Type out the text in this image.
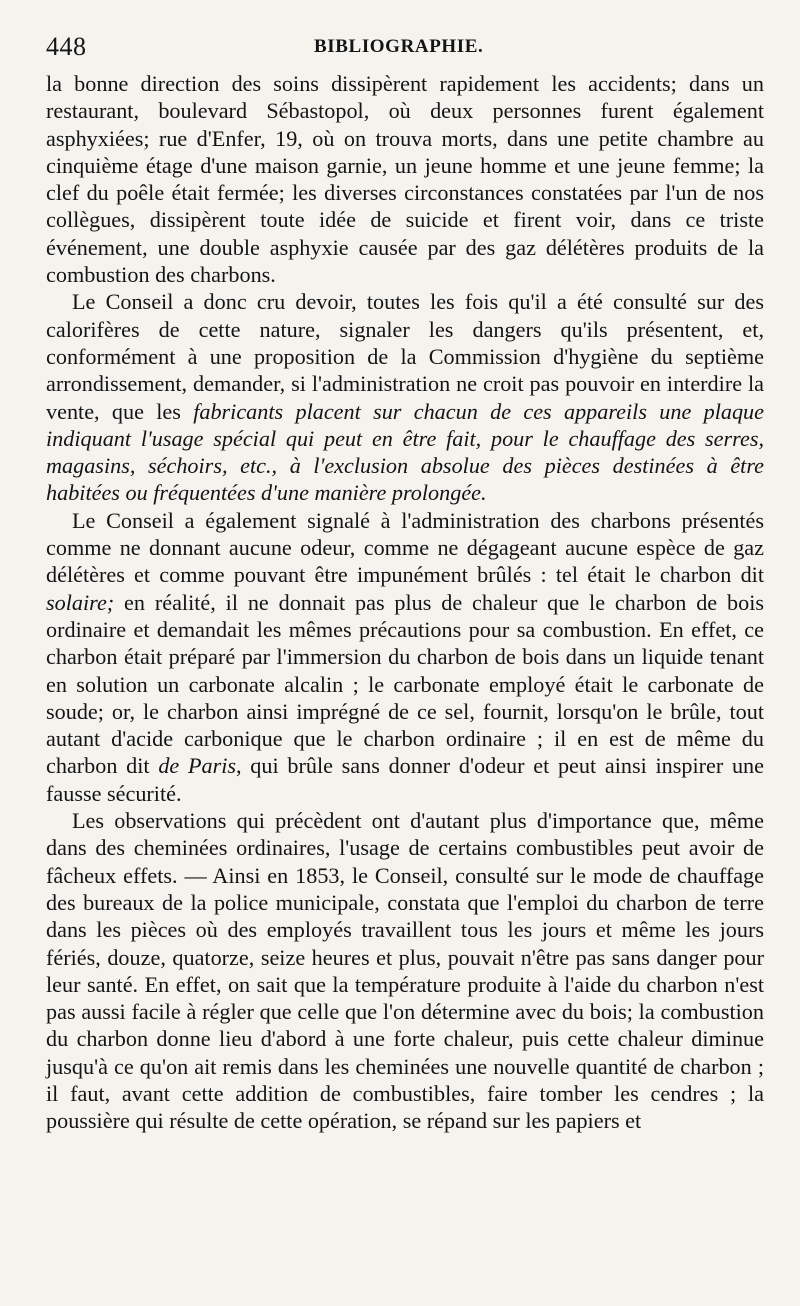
448	BIBLIOGRAPHIE.

la bonne direction des soins dissipèrent rapidement les accidents; dans un restaurant, boulevard Sébastopol, où deux personnes furent également asphyxiées; rue d'Enfer, 19, où on trouva morts, dans une petite chambre au cinquième étage d'une maison garnie, un jeune homme et une jeune femme; la clef du poêle était fermée; les diverses circonstances constatées par l'un de nos collègues, dissipèrent toute idée de suicide et firent voir, dans ce triste événement, une double asphyxie causée par des gaz délétères produits de la combustion des charbons.

Le Conseil a donc cru devoir, toutes les fois qu'il a été consulté sur des calorifères de cette nature, signaler les dangers qu'ils présentent, et, conformément à une proposition de la Commission d'hygiène du septième arrondissement, demander, si l'administration ne croit pas pouvoir en interdire la vente, que les fabricants placent sur chacun de ces appareils une plaque indiquant l'usage spécial qui peut en être fait, pour le chauffage des serres, magasins, séchoirs, etc., à l'exclusion absolue des pièces destinées à être habitées ou fréquentées d'une manière prolongée.

Le Conseil a également signalé à l'administration des charbons présentés comme ne donnant aucune odeur, comme ne dégageant aucune espèce de gaz délétères et comme pouvant être impunément brûlés : tel était le charbon dit solaire; en réalité, il ne donnait pas plus de chaleur que le charbon de bois ordinaire et demandait les mêmes précautions pour sa combustion. En effet, ce charbon était préparé par l'immersion du charbon de bois dans un liquide tenant en solution un carbonate alcalin ; le carbonate employé était le carbonate de soude; or, le charbon ainsi imprégné de ce sel, fournit, lorsqu'on le brûle, tout autant d'acide carbonique que le charbon ordinaire ; il en est de même du charbon dit de Paris, qui brûle sans donner d'odeur et peut ainsi inspirer une fausse sécurité.

Les observations qui précèdent ont d'autant plus d'importance que, même dans des cheminées ordinaires, l'usage de certains combustibles peut avoir de fâcheux effets. — Ainsi en 1853, le Conseil, consulté sur le mode de chauffage des bureaux de la police municipale, constata que l'emploi du charbon de terre dans les pièces où des employés travaillent tous les jours et même les jours fériés, douze, quatorze, seize heures et plus, pouvait n'être pas sans danger pour leur santé. En effet, on sait que la température produite à l'aide du charbon n'est pas aussi facile à régler que celle que l'on détermine avec du bois; la combustion du charbon donne lieu d'abord à une forte chaleur, puis cette chaleur diminue jusqu'à ce qu'on ait remis dans les cheminées une nouvelle quantité de charbon ; il faut, avant cette addition de combustibles, faire tomber les cendres ; la poussière qui résulte de cette opération, se répand sur les papiers et
